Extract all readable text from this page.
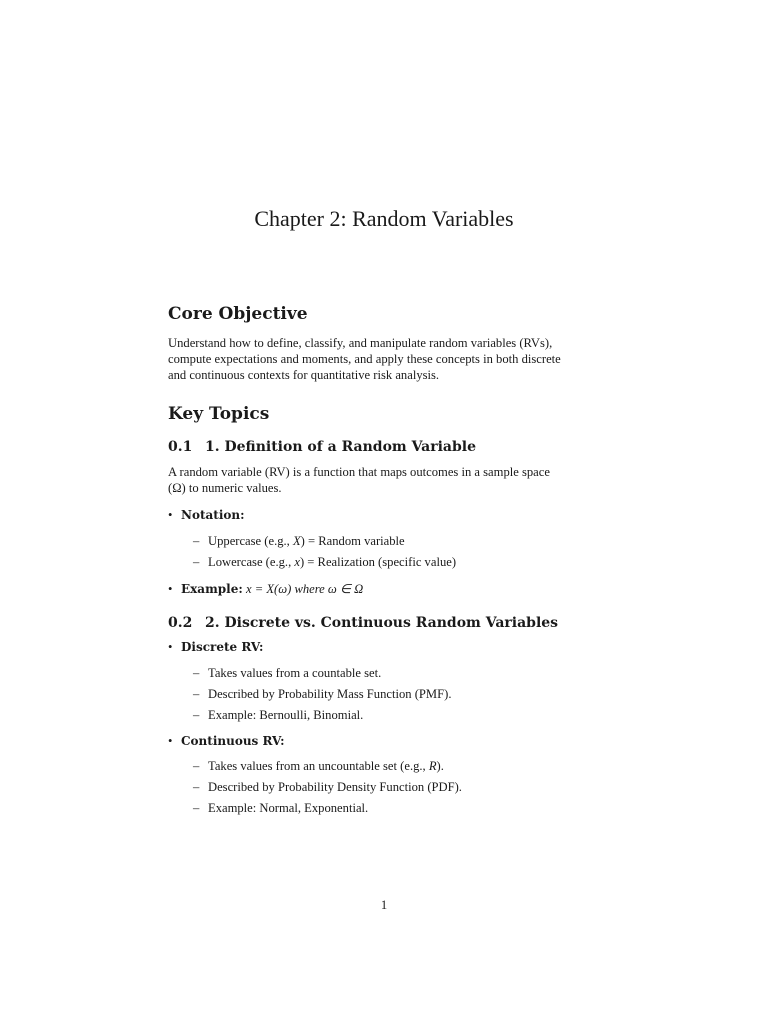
Chapter 2: Random Variables
Core Objective
Understand how to define, classify, and manipulate random variables (RVs),
compute expectations and moments, and apply these concepts in both discrete
and continuous contexts for quantitative risk analysis.
Key Topics
0.1 1. Definition of a Random Variable
A random variable (RV) is a function that maps outcomes in a sample space
(Ω) to numeric values.

• Notation:

– Uppercase (e.g., X) = Random variable

– Lowercase (e.g., x) = Realization (specific value)

• Example: x = X(ω) where ω ∈ Ω

0.2 2. Discrete vs. Continuous Random Variables

• Discrete RV:

– Takes values from a countable set.

– Described by Probability Mass Function (PMF).

– Example: Bernoulli, Binomial.

• Continuous RV:

– Takes values from an uncountable set (e.g., R).

– Described by Probability Density Function (PDF).

– Example: Normal, Exponential.

1
